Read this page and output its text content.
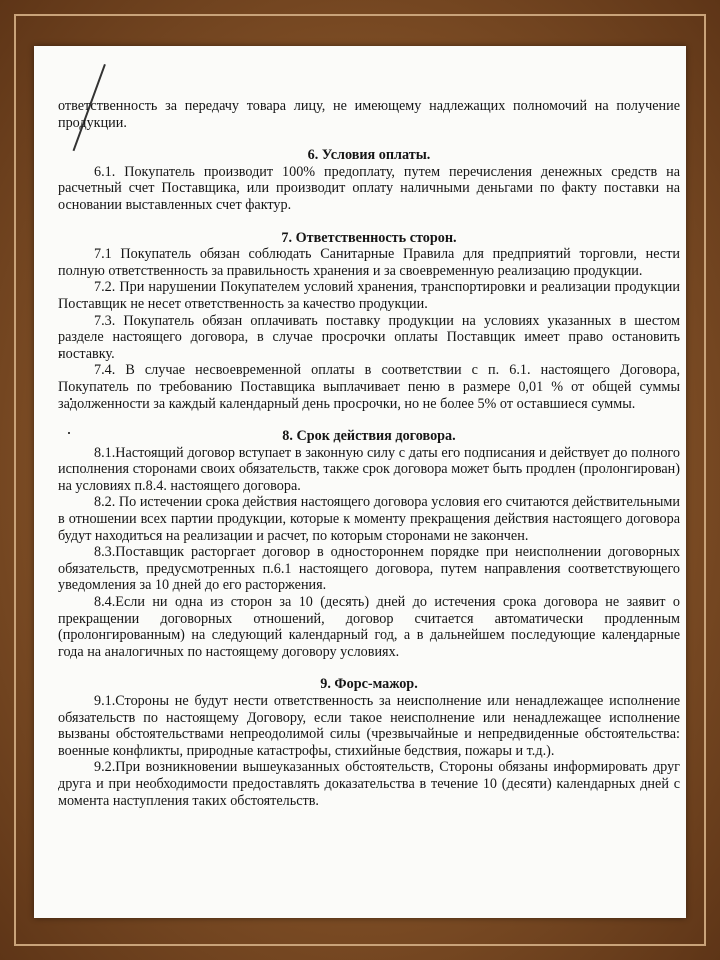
ответственность за передачу товара лицу, не имеющему надлежащих полномочий на получение продукции.

6. Условия оплаты.

6.1. Покупатель производит 100% предоплату, путем перечисления денежных средств на расчетный счет Поставщика, или производит оплату наличными деньгами по факту поставки на основании выставленных счет фактур.

7. Ответственность сторон.

7.1 Покупатель обязан соблюдать Санитарные Правила для предприятий торговли, нести полную ответственность за правильность хранения и за своевременную реализацию продукции.

7.2. При нарушении Покупателем условий хранения, транспортировки и реализации продукции Поставщик не несет ответственность за качество продукции.

7.3. Покупатель обязан оплачивать поставку продукции на условиях указанных в шестом разделе настоящего договора, в случае просрочки оплаты Поставщик имеет право остановить поставку.

7.4. В случае несвоевременной оплаты в соответствии с п. 6.1. настоящего Договора, Покупатель по требованию Поставщика выплачивает пеню в размере 0,01 % от общей суммы задолженности за каждый календарный день просрочки, но не более 5% от оставшиеся суммы.

8. Срок действия договора.

8.1.Настоящий договор вступает в законную силу с даты его подписания и действует до полного исполнения сторонами своих обязательств, также срок договора может быть продлен (пролонгирован) на условиях п.8.4. настоящего договора.

8.2. По истечении срока действия настоящего договора условия его считаются действительными в отношении всех партии продукции, которые к моменту прекращения действия настоящего договора будут находиться на реализации и расчет, по которым сторонами не закончен.

8.3.Поставщик расторгает договор в одностороннем порядке при неисполнении договорных обязательств, предусмотренных п.6.1 настоящего договора, путем направления соответствующего уведомления за 10 дней до его расторжения.

8.4.Если ни одна из сторон за 10 (десять) дней до истечения срока договора не заявит о прекращении договорных отношений, договор считается автоматически продленным (пролонгированным) на следующий календарный год, а в дальнейшем последующие календарные года на аналогичных по настоящему договору условиях.

9. Форс-мажор.

9.1.Стороны не будут нести ответственность за неисполнение или ненадлежащее исполнение обязательств по настоящему Договору, если такое неисполнение или ненадлежащее исполнение вызваны обстоятельствами непреодолимой силы (чрезвычайные и непредвиденные обстоятельства: военные конфликты, природные катастрофы, стихийные бедствия, пожары и т.д.).

9.2.При возникновении вышеуказанных обстоятельств, Стороны обязаны информировать друг друга и при необходимости предоставлять доказательства в течение 10 (десяти) календарных дней с момента наступления таких обстоятельств.
